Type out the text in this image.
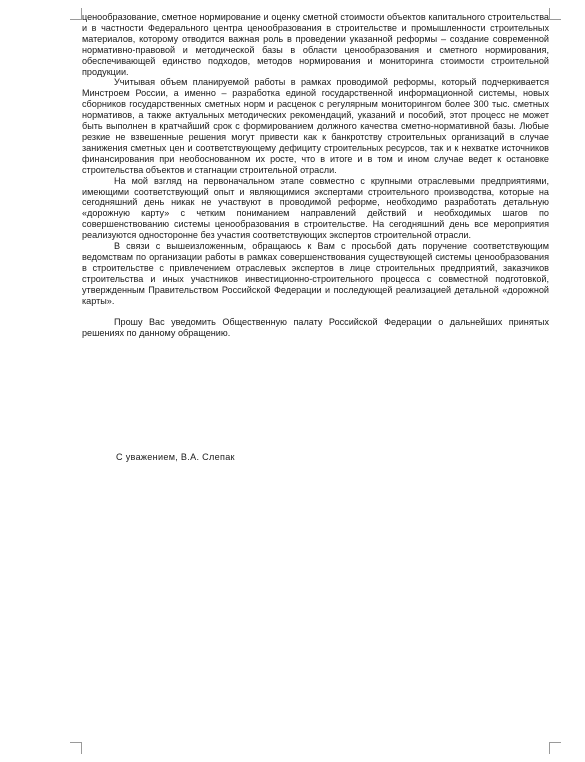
ценообразование, сметное нормирование и оценку сметной стоимости объектов капитального строительства и в частности Федерального центра ценообразования в строительстве и промышленности строительных материалов, которому отводится важная роль в проведении указанной реформы – создание современной нормативно-правовой и методической базы в области ценообразования и сметного нормирования, обеспечивающей единство подходов, методов нормирования и мониторинга стоимости строительной продукции.

Учитывая объем планируемой работы в рамках проводимой реформы, который подчеркивается Минстроем России, а именно – разработка единой государственной информационной системы, новых сборников государственных сметных норм и расценок с регулярным мониторингом более 300 тыс. сметных нормативов, а также актуальных методических рекомендаций, указаний и пособий, этот процесс не может быть выполнен в кратчайший срок с формированием должного качества сметно-нормативной базы. Любые резкие не взвешенные решения могут привести как к банкротству строительных организаций в случае занижения сметных цен и соответствующему дефициту строительных ресурсов, так и к нехватке источников финансирования при необоснованном их росте, что в итоге и в том и ином случае ведет к остановке строительства объектов и стагнации строительной отрасли.

На мой взгляд на первоначальном этапе совместно с крупными отраслевыми предприятиями, имеющими соответствующий опыт и являющимися экспертами строительного производства, которые на сегодняшний день никак не участвуют в проводимой реформе, необходимо разработать детальную «дорожную карту» с четким пониманием направлений действий и необходимых шагов по совершенствованию системы ценообразования в строительстве. На сегодняшний день все мероприятия реализуются односторонне без участия соответствующих экспертов строительной отрасли.

В связи с вышеизложенным, обращаюсь к Вам с просьбой дать поручение соответствующим ведомствам по организации работы в рамках совершенствования существующей системы ценообразования в строительстве с привлечением отраслевых экспертов в лице строительных предприятий, заказчиков строительства и иных участников инвестиционно-строительного процесса с совместной подготовкой, утвержденным Правительством Российской Федерации и последующей реализацией детальной «дорожной карты».

Прошу Вас уведомить Общественную палату Российской Федерации о дальнейших принятых решениях по данному обращению.

С уважением, В.А. Слепак
